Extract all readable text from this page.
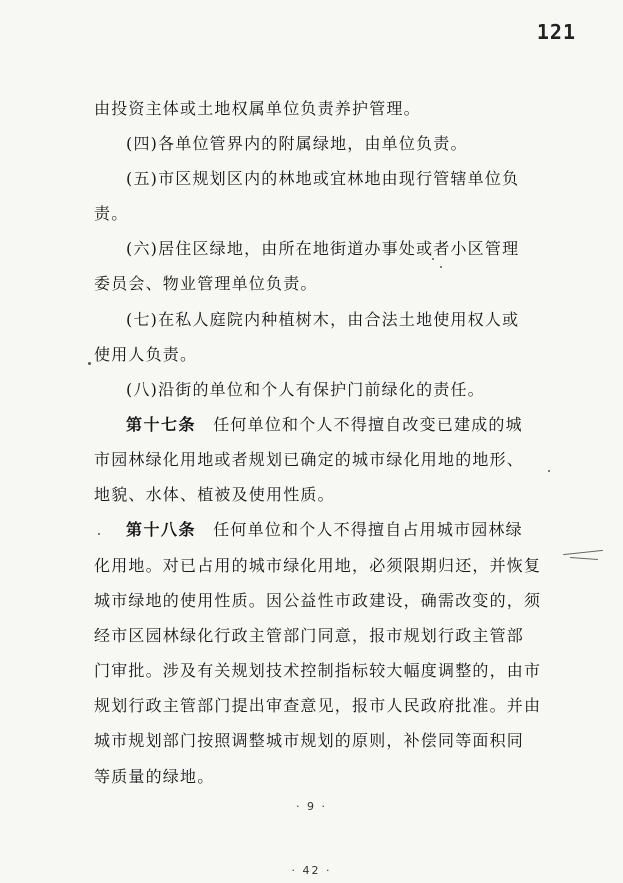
121
由投资主体或土地权属单位负责养护管理。
(四)各单位管界内的附属绿地，由单位负责。
(五)市区规划区内的林地或宜林地由现行管辖单位负
责。
(六)居住区绿地，由所在地街道办事处或者小区管理
委员会、物业管理单位负责。
(七)在私人庭院内种植树木，由合法土地使用权人或
使用人负责。
(八)沿街的单位和个人有保护门前绿化的责任。
第十七条　 任何单位和个人不得擅自改变已建成的城
市园林绿化用地或者规划已确定的城市绿化用地的地形、
地貌、水体、植被及使用性质。
第十八条　 任何单位和个人不得擅自占用城市园林绿
化用地。对已占用的城市绿化用地，必须限期归还，并恢复
城市绿地的使用性质。因公益性市政建设，确需改变的，须
经市区园林绿化行政主管部门同意，报市规划行政主管部
门审批。涉及有关规划技术控制指标较大幅度调整的，由市
规划行政主管部门提出审查意见，报市人民政府批准。并由
城市规划部门按照调整城市规划的原则，补偿同等面积同
等质量的绿地。
· 9 ·
· 42 ·
